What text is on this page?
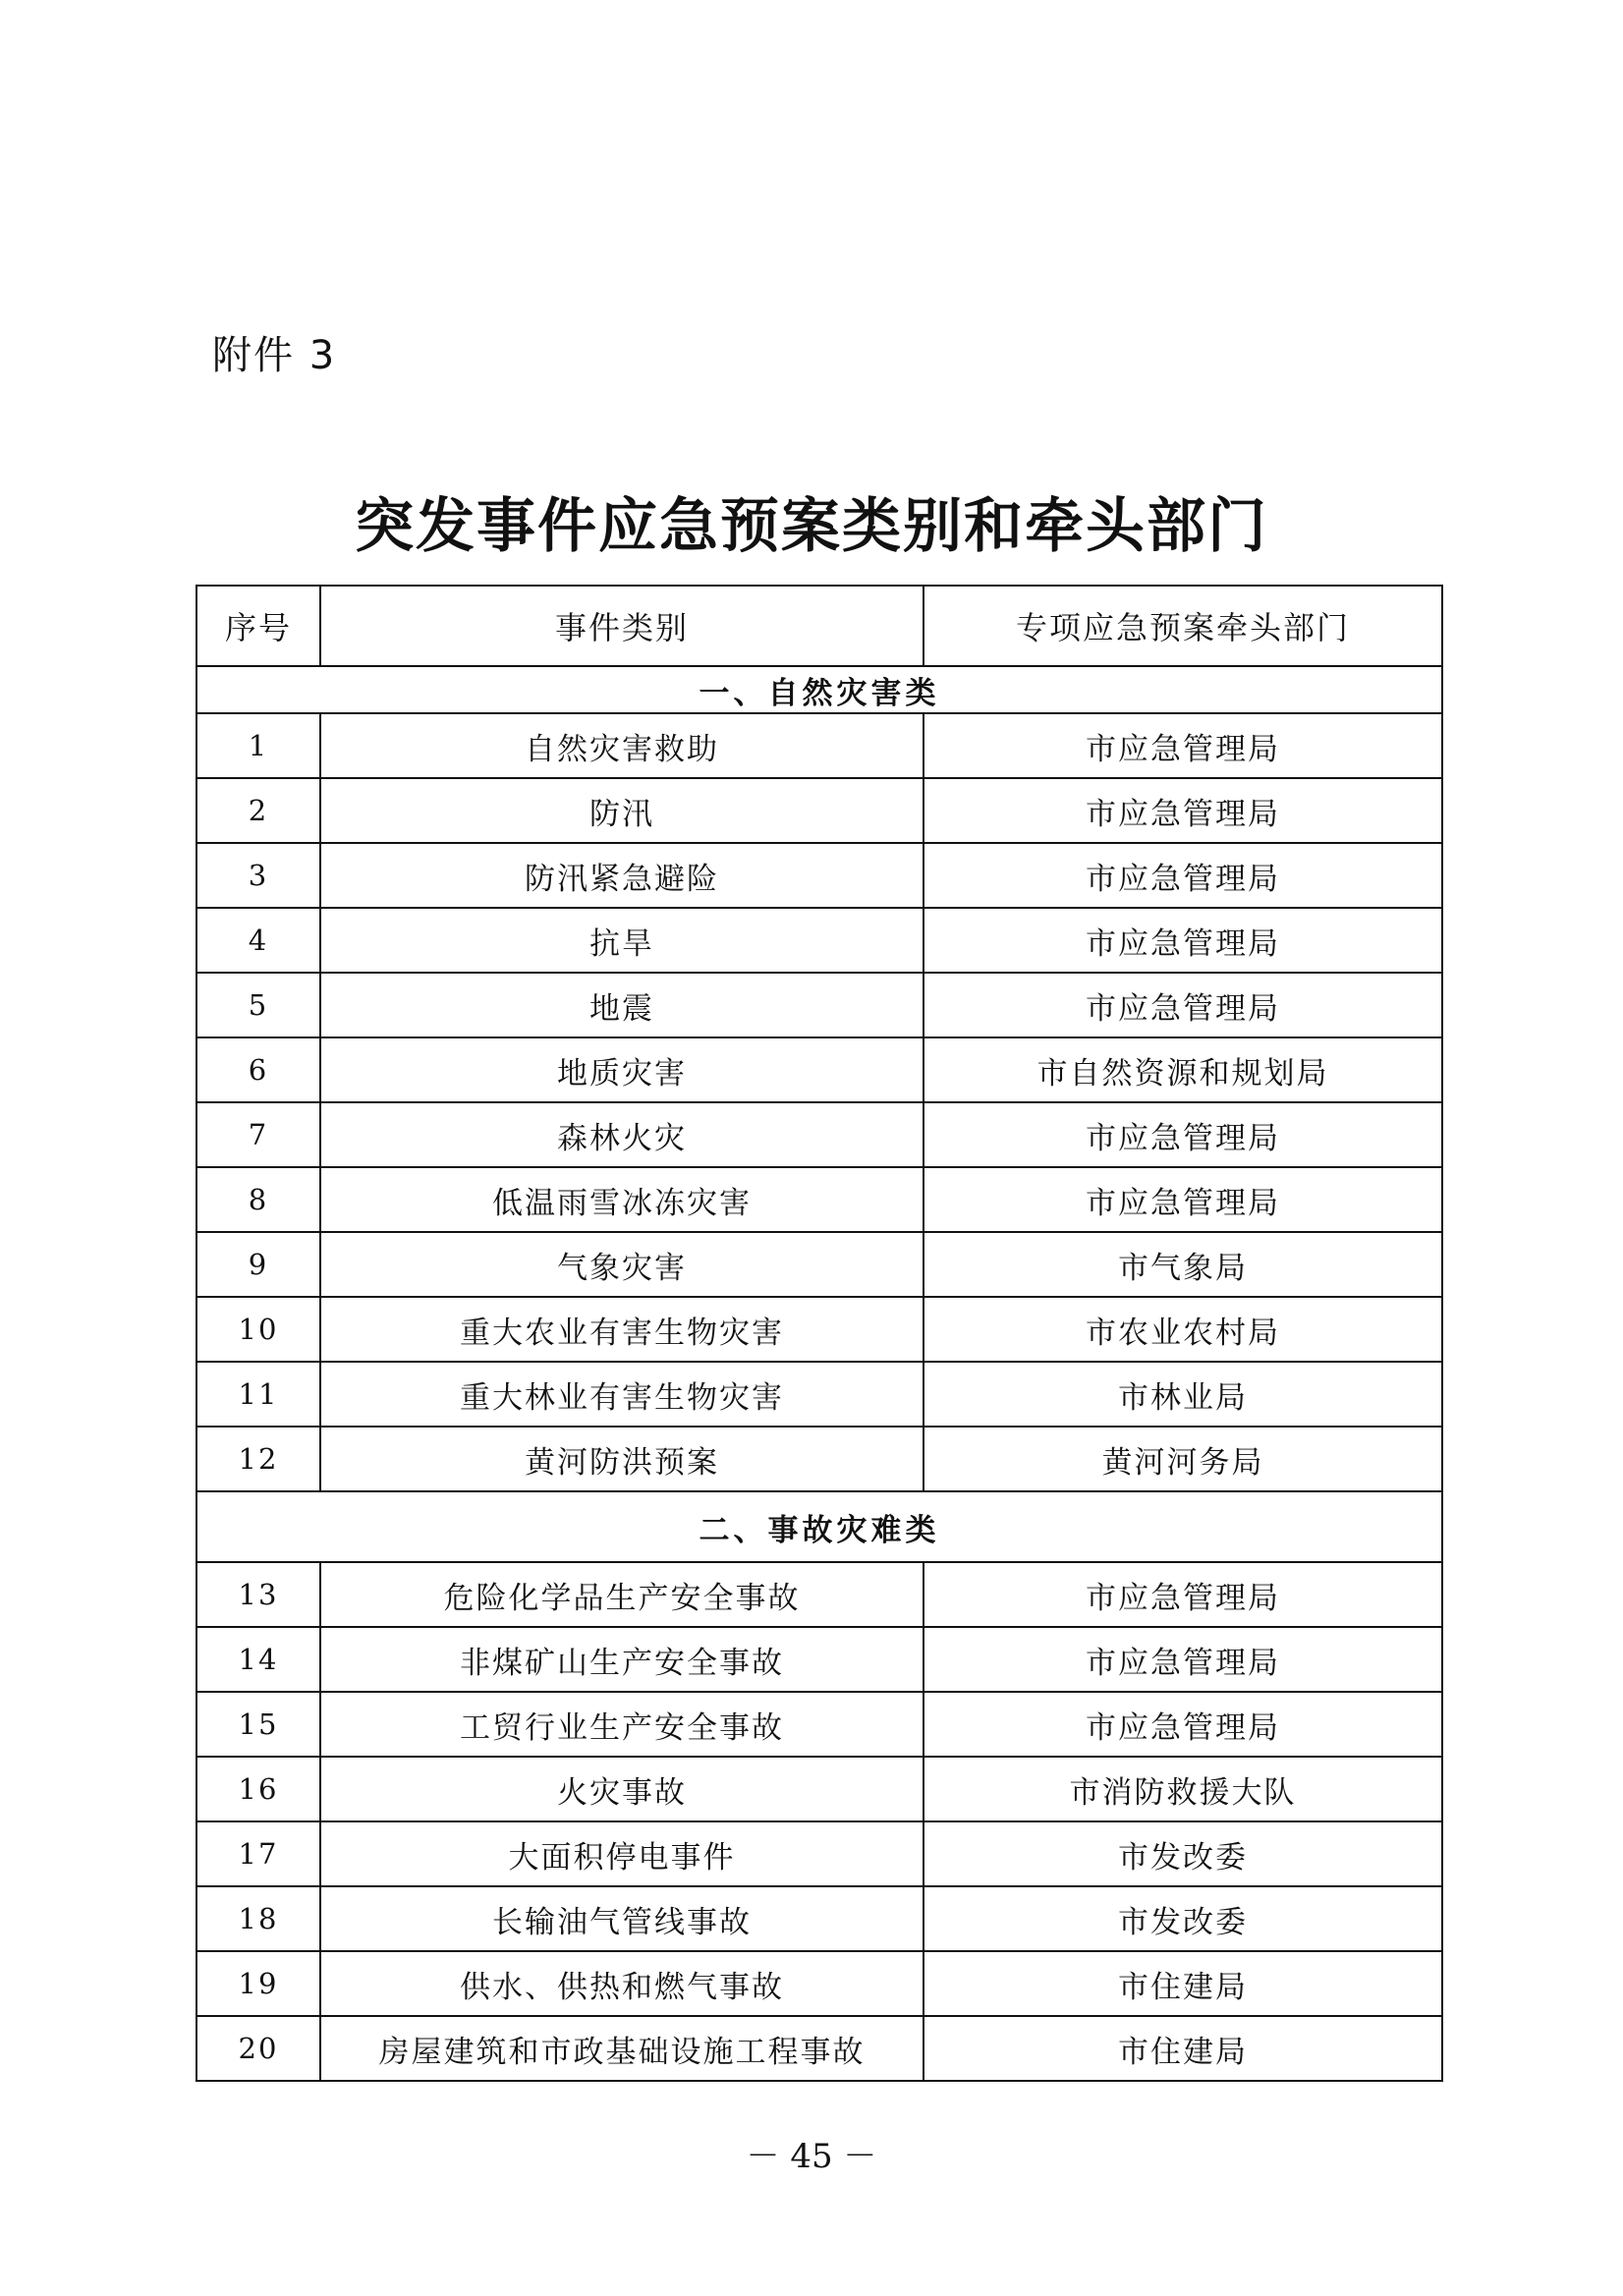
附件 3
突发事件应急预案类别和牵头部门
序号	事件类别	专项应急预案牵头部门
一、自然灾害类		
1	自然灾害救助	市应急管理局
2	防汛	市应急管理局
3	防汛紧急避险	市应急管理局
4	抗旱	市应急管理局
5	地震	市应急管理局
6	地质灾害	市自然资源和规划局
7	森林火灾	市应急管理局
8	低温雨雪冰冻灾害	市应急管理局
9	气象灾害	市气象局
10	重大农业有害生物灾害	市农业农村局
11	重大林业有害生物灾害	市林业局
12	黄河防洪预案	黄河河务局
二、事故灾难类		
13	危险化学品生产安全事故	市应急管理局
14	非煤矿山生产安全事故	市应急管理局
15	工贸行业生产安全事故	市应急管理局
16	火灾事故	市消防救援大队
17	大面积停电事件	市发改委
18	长输油气管线事故	市发改委
19	供水、供热和燃气事故	市住建局
20	房屋建筑和市政基础设施工程事故	市住建局
－ 45 －
